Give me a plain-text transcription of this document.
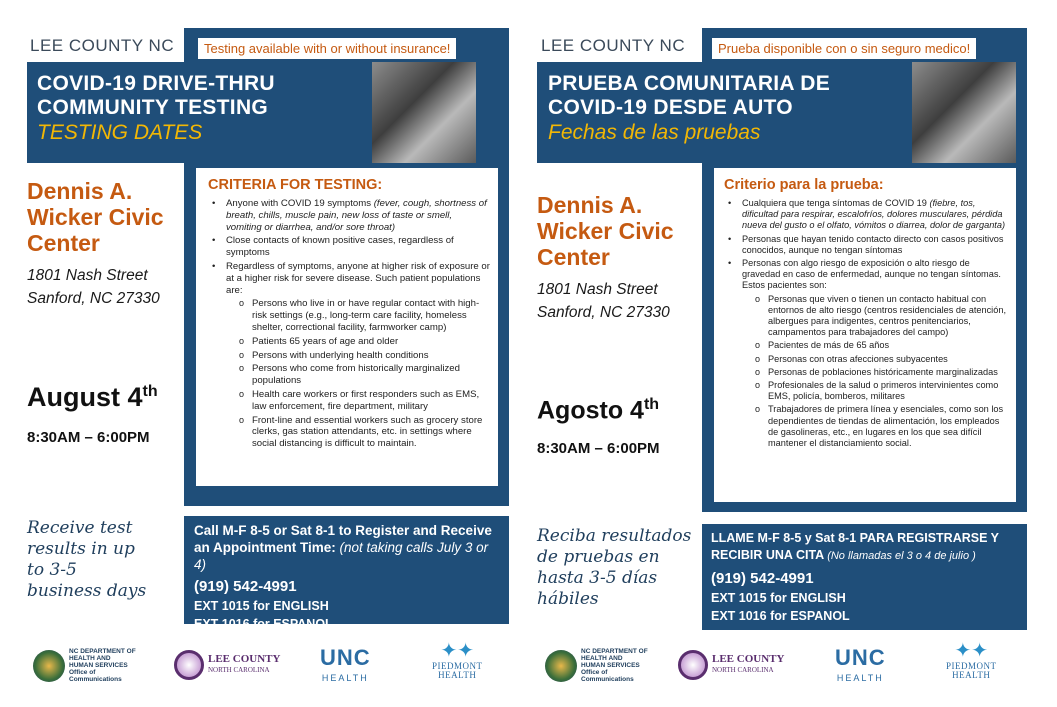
LEE COUNTY NC	Testing available with or without insurance!
COVID-19 DRIVE-THRU
COMMUNITY TESTING
TESTING DATES
CRITERIA FOR TESTING:
• Anyone with COVID 19 symptoms (fever, cough, shortness of breath, chills, muscle pain, new loss of taste or smell, vomiting or diarrhea, and/or sore throat)
• Close contacts of known positive cases, regardless of symptoms
• Regardless of symptoms, anyone at higher risk of exposure or at a higher risk for severe disease. Such patient populations are:
o Persons who live in or have regular contact with high-risk settings (e.g., long-term care facility, homeless shelter, correctional facility, farmworker camp)
o Patients 65 years of age and older
o Persons with underlying health conditions
o Persons who come from historically marginalized populations
o Health care workers or first responders such as EMS, law enforcement, fire department, military
o Front-line and essential workers such as grocery store clerks, gas station attendants, etc. in settings where social distancing is difficult to maintain.
Dennis A.
Wicker Civic
Center
1801 Nash Street
Sanford, NC 27330
August 4th
8:30AM – 6:00PM
Receive test
results in up
to 3-5
business days
Call M-F 8-5 or Sat 8-1 to Register and Receive an Appointment Time: (not taking calls July 3 or 4)
(919) 542-4991
EXT 1015 for ENGLISH
EXT 1016 for ESPANOL
NC DEPARTMENT OF
HEALTH AND
HUMAN SERVICES
Office of Communications
LEE COUNTY
NORTH CAROLINA	UNC
HEALTH
✦✦
PIEDMONT
HEALTH
LEE COUNTY NC	Prueba disponible con o sin seguro medico!
PRUEBA COMUNITARIA DE
COVID-19 DESDE AUTO
Fechas de las pruebas
Criterio para la prueba:
• Cualquiera que tenga síntomas de COVID 19 (fiebre, tos, dificultad para respirar, escalofríos, dolores musculares, pérdida nueva del gusto o el olfato, vómitos o diarrea, dolor de garganta)
• Personas que hayan tenido contacto directo con casos positivos conocidos, aunque no tengan síntomas
• Personas con algo riesgo de exposición o alto riesgo de gravedad en caso de enfermedad, aunque no tengan síntomas. Estos pacientes son:
o Personas que viven o tienen un contacto habitual con entornos de alto riesgo (centros residenciales de atención, albergues para indigentes, centros penitenciarios, campamentos para trabajadores del campo)
o Pacientes de más de 65 años
o Personas con otras afecciones subyacentes
o Personas de poblaciones históricamente marginalizadas
o Profesionales de la salud o primeros intervinientes como EMS, policía, bomberos, militares
o Trabajadores de primera línea y esenciales, como son los dependientes de tiendas de alimentación, los empleados de gasolineras, etc., en lugares en los que sea difícil mantener el distanciamiento social.
Dennis A.
Wicker Civic
Center
1801 Nash Street
Sanford, NC 27330
Agosto 4th
8:30AM – 6:00PM
Reciba resultados
de pruebas en
hasta 3-5 días
hábiles
LLAME M-F 8-5 y Sat 8-1 PARA REGISTRARSE Y RECIBIR UNA CITA (No llamadas el 3 o 4 de julio )
(919) 542-4991
EXT 1015 for ENGLISH
EXT 1016 for ESPANOL
NC DEPARTMENT OF
HEALTH AND
HUMAN SERVICES
Office of Communications
LEE COUNTY
NORTH CAROLINA	UNC
HEALTH
✦✦
PIEDMONT
HEALTH
